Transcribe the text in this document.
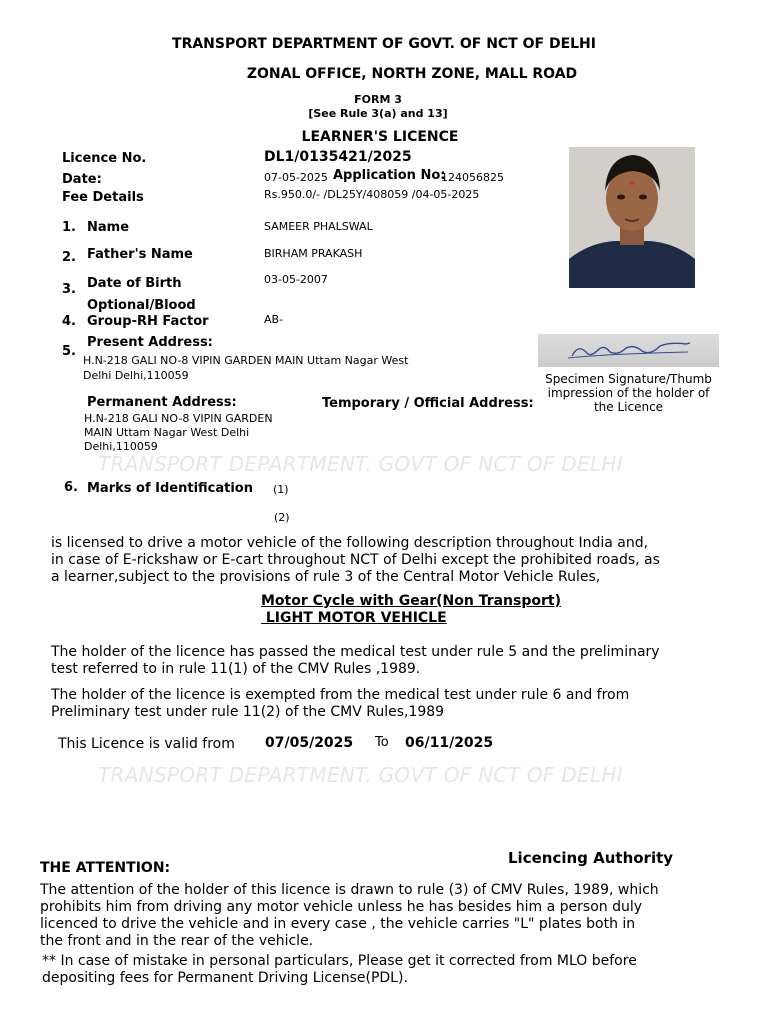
TRANSPORT DEPARTMENT OF GOVT. OF NCT OF DELHI
ZONAL OFFICE, NORTH ZONE, MALL ROAD
FORM 3
[See Rule 3(a) and 13]
LEARNER'S LICENCE
Licence No.	DL1/0135421/2025
Date:	07-05-2025 Application No:
124056825
Fee Details	Rs.950.0/- /DL25Y/408059 /04-05-2025
1. Name	SAMEER PHALSWAL
2. Father's Name	BIRHAM PRAKASH
3. Date of Birth	03-05-2007
4.
Optional/Blood
Group-RH Factor	AB-
5.
Present Address:
H.N-218 GALI NO-8 VIPIN GARDEN MAIN Uttam Nagar West
Delhi Delhi,110059	Specimen Signature/Thumb
impression of the holder of
the Licence
Permanent Address:
H.N-218 GALI NO-8 VIPIN GARDEN
MAIN Uttam Nagar West Delhi
Delhi,110059
Temporary / Official Address:
TRANSPORT DEPARTMENT. GOVT OF NCT OF DELHI
6. Marks of Identification (1)
(2)
is licensed to drive a motor vehicle of the following description throughout India and,
in case of E-rickshaw or E-cart throughout NCT of Delhi except the prohibited roads, as
a learner,subject to the provisions of rule 3 of the Central Motor Vehicle Rules,
Motor Cycle with Gear(Non Transport)
LIGHT MOTOR VEHICLE
The holder of the licence has passed the medical test under rule 5 and the preliminary
test referred to in rule 11(1) of the CMV Rules ,1989.
The holder of the licence is exempted from the medical test under rule 6 and from
Preliminary test under rule 11(2) of the CMV Rules,1989
This Licence is valid from 07/05/2025 To 06/11/2025
TRANSPORT DEPARTMENT. GOVT OF NCT OF DELHI
Licencing Authority
THE ATTENTION:
The attention of the holder of this licence is drawn to rule (3) of CMV Rules, 1989, which
prohibits him from driving any motor vehicle unless he has besides him a person duly
licenced to drive the vehicle and in every case , the vehicle carries "L" plates both in
the front and in the rear of the vehicle.
** In case of mistake in personal particulars, Please get it corrected from MLO before
depositing fees for Permanent Driving License(PDL).
